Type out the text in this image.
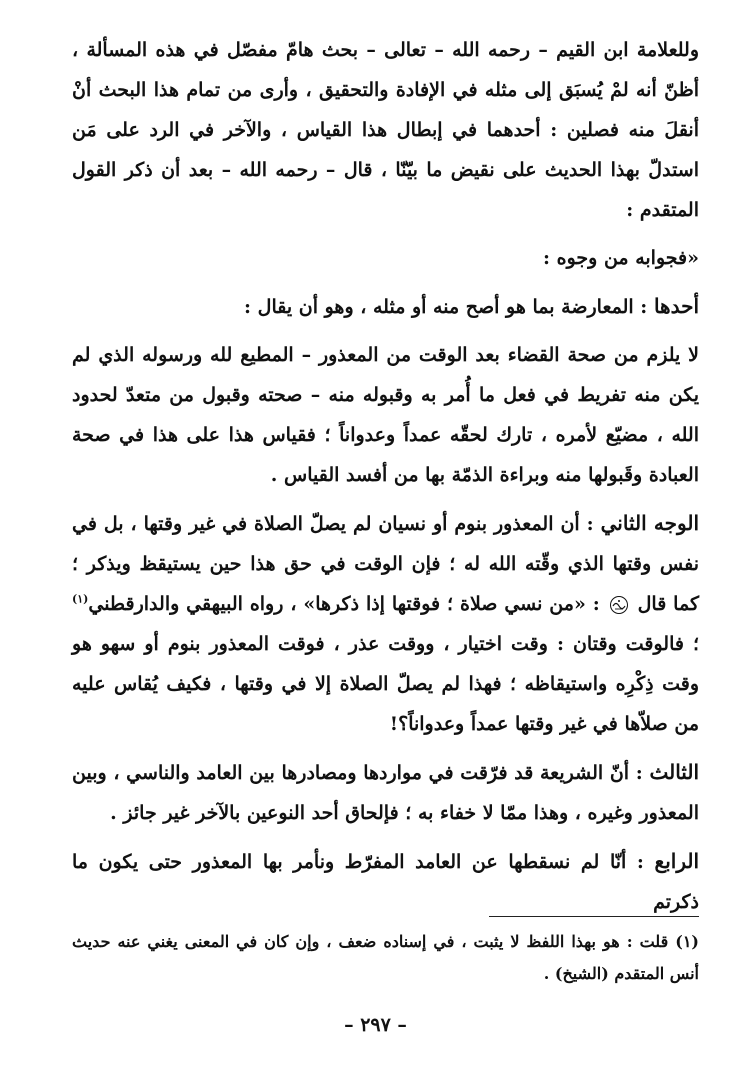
وللعلامة ابن القيم – رحمه الله – تعالى – بحث هامّ مفصّل في هذه المسألة ، أظنّ أنه لمْ يُسبَق إلى مثله في الإفادة والتحقيق ، وأرى من تمام هذا البحث أنْ أنقلَ منه فصلين : أحدهما في إبطال هذا القياس ، والآخر في الرد على مَن استدلّ بهذا الحديث على نقيض ما بيّنّا ، قال – رحمه الله – بعد أن ذكر القول المتقدم :

«فجوابه من وجوه :

أحدها : المعارضة بما هو أصح منه أو مثله ، وهو أن يقال :

لا يلزم من صحة القضاء بعد الوقت من المعذور – المطيع لله ورسوله الذي لم يكن منه تفريط في فعل ما أُمر به وقبوله منه – صحته وقبول من متعدّ لحدود الله ، مضيّع لأمره ، تارك لحقّه عمداً وعدواناً ؛ فقياس هذا على هذا في صحة العبادة وقَبولها منه وبراءة الذمّة بها من أفسد القياس .

الوجه الثاني : أن المعذور بنوم أو نسيان لم يصلّ الصلاة في غير وقتها ، بل في نفس وقتها الذي وقّته الله له ؛ فإن الوقت في حق هذا حين يستيقظ ويذكر ؛ كما قال  : «من نسي صلاة ؛ فوقتها إذا ذكرها» ، رواه البيهقي والدارقطني$^{(١)}$ ؛ فالوقت وقتان : وقت اختيار ، ووقت عذر ، فوقت المعذور بنوم أو سهو هو وقت ذِكْرِه واستيقاظه ؛ فهذا لم يصلّ الصلاة إلا في وقتها ، فكيف يُقاس عليه من صلاّها في غير وقتها عمداً وعدواناً؟!

الثالث : أنّ الشريعة قد فرّقت في مواردها ومصادرها بين العامد والناسي ، وبين المعذور وغيره ، وهذا ممّا لا خفاء به ؛ فإلحاق أحد النوعين بالآخر غير جائز .

الرابع : أنّا لم نسقطها عن العامد المفرّط ونأمر بها المعذور حتى يكون ما ذكرتم

(١) قلت : هو بهذا اللفظ لا يثبت ، في إسناده ضعف ، وإن كان في المعنى يغني عنه حديث أنس المتقدم (الشيخ) .

– ٢٩٧ –
